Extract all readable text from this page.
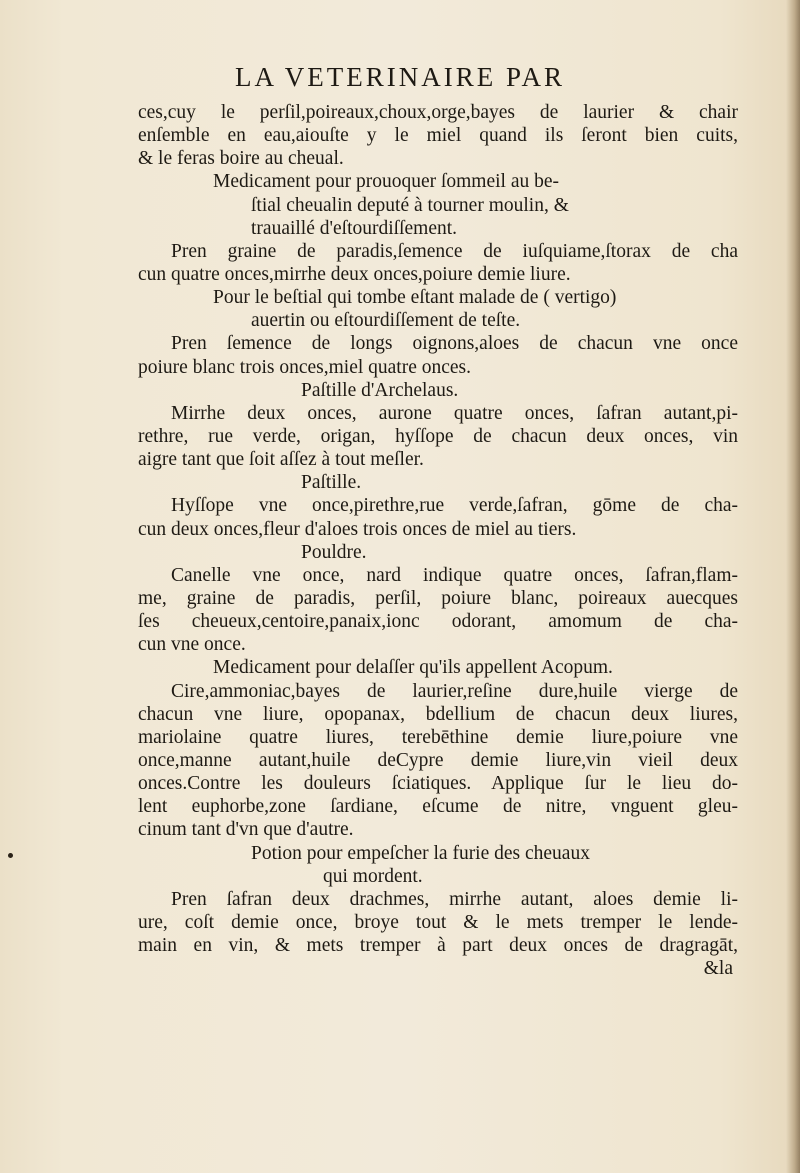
LA VETERINAIRE PAR
ces,cuy le perſil,poireaux,choux,orge,bayes de laurier & chair
enſemble en eau,aiouſte y le miel quand ils ſeront bien cuits,
& le feras boire au cheual.
Medicament pour prouoquer ſommeil au be-
ſtial cheualin deputé à tourner moulin, &
trauaillé d'eſtourdiſſement.
Pren graine de paradis,ſemence de iuſquiame,ſtorax de cha
cun quatre onces,mirrhe deux onces,poiure demie liure.
Pour le beſtial qui tombe eſtant malade de ( vertigo)
auertin ou eſtourdiſſement de teſte.
Pren ſemence de longs oignons,aloes de chacun vne once
poiure blanc trois onces,miel quatre onces.
Paſtille d'Archelaus.
Mirrhe deux onces, aurone quatre onces, ſafran autant,pi-
rethre, rue verde, origan, hyſſope de chacun deux onces, vin
aigre tant que ſoit aſſez à tout meſler.
Paſtille.
Hyſſope vne once,pirethre,rue verde,ſafran, gōme de cha-
cun deux onces,fleur d'aloes trois onces de miel au tiers.
Pouldre.
Canelle vne once, nard indique quatre onces, ſafran,flam-
me, graine de paradis, perſil, poiure blanc, poireaux auecques
ſes cheueux,centoire,panaix,ionc odorant, amomum de cha-
cun vne once.
Medicament pour delaſſer qu'ils appellent Acopum.
Cire,ammoniac,bayes de laurier,reſine dure,huile vierge de
chacun vne liure, opopanax, bdellium de chacun deux liures,
mariolaine quatre liures, terebēthine demie liure,poiure vne
once,manne autant,huile deCypre demie liure,vin vieil deux
onces.Contre les douleurs ſciatiques. Applique ſur le lieu do-
lent euphorbe,zone ſardiane, eſcume de nitre, vnguent gleu-
cinum tant d'vn que d'autre.
Potion pour empeſcher la furie des cheuaux
qui mordent.
Pren ſafran deux drachmes, mirrhe autant, aloes demie li-
ure, coſt demie once, broye tout & le mets tremper le lende-
main en vin, & mets tremper à part deux onces de dragragāt,
&la
